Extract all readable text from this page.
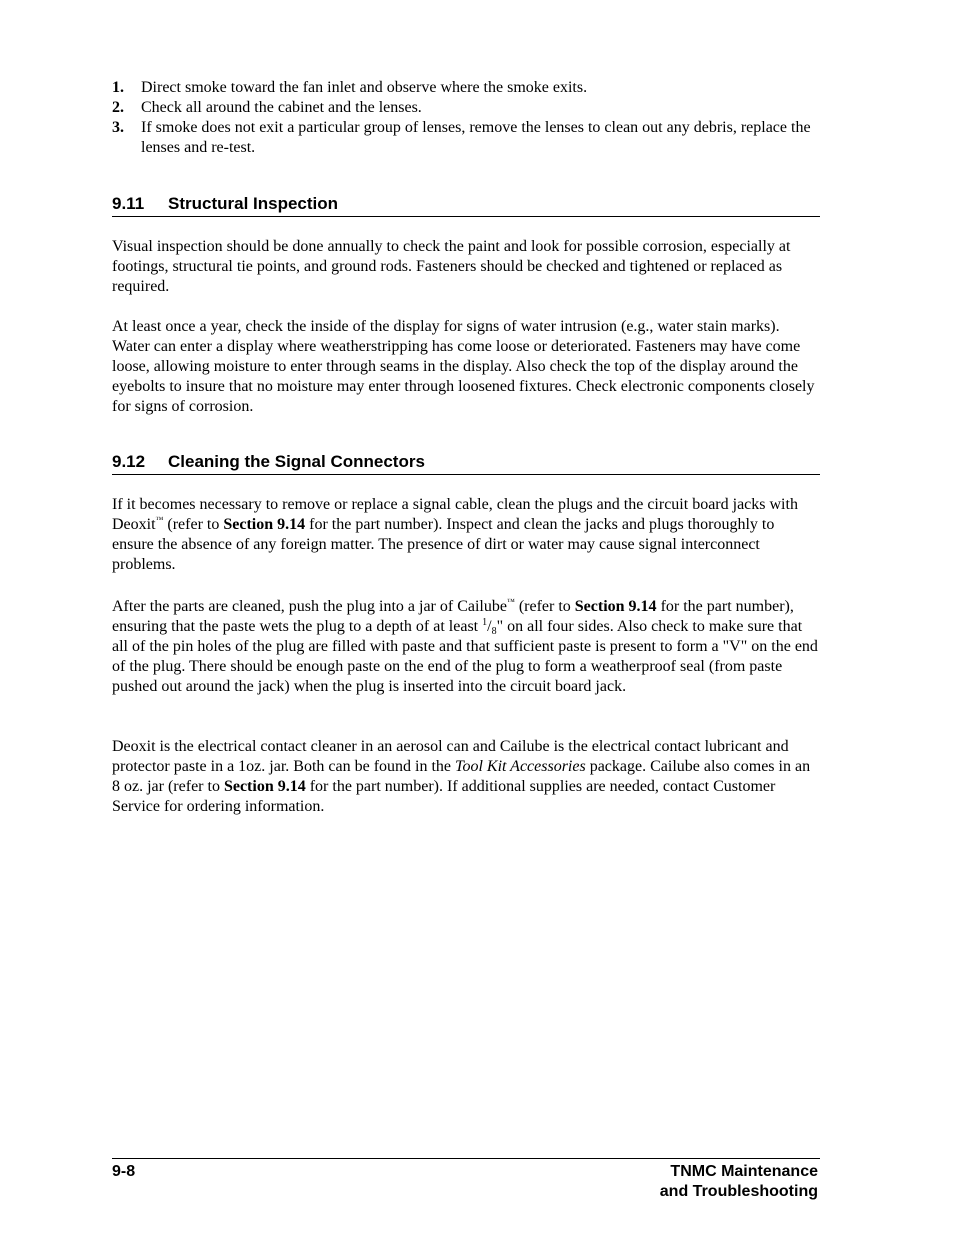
1. Direct smoke toward the fan inlet and observe where the smoke exits.
2. Check all around the cabinet and the lenses.
3. If smoke does not exit a particular group of lenses, remove the lenses to clean out any debris, replace the lenses and re-test.
9.11 Structural Inspection

Visual inspection should be done annually to check the paint and look for possible corrosion, especially at footings, structural tie points, and ground rods. Fasteners should be checked and tightened or replaced as required.

At least once a year, check the inside of the display for signs of water intrusion (e.g., water stain marks). Water can enter a display where weatherstripping has come loose or deteriorated. Fasteners may have come loose, allowing moisture to enter through seams in the display. Also check the top of the display around the eyebolts to insure that no moisture may enter through loosened fixtures. Check electronic components closely for signs of corrosion.

9.12 Cleaning the Signal Connectors

If it becomes necessary to remove or replace a signal cable, clean the plugs and the circuit board jacks with Deoxit™ (refer to Section 9.14 for the part number). Inspect and clean the jacks and plugs thoroughly to ensure the absence of any foreign matter. The presence of dirt or water may cause signal interconnect problems.

After the parts are cleaned, push the plug into a jar of Cailube™ (refer to Section 9.14 for the part number), ensuring that the paste wets the plug to a depth of at least $^1/_8$" on all four sides. Also check to make sure that all of the pin holes of the plug are filled with paste and that sufficient paste is present to form a "V" on the end of the plug. There should be enough paste on the end of the plug to form a weatherproof seal (from paste pushed out around the jack) when the plug is inserted into the circuit board jack.

Deoxit is the electrical contact cleaner in an aerosol can and Cailube is the electrical contact lubricant and protector paste in a 1oz. jar. Both can be found in the Tool Kit Accessories package. Cailube also comes in an 8 oz. jar (refer to Section 9.14 for the part number). If additional supplies are needed, contact Customer Service for ordering information.

9-8	TNMC Maintenance
and Troubleshooting
